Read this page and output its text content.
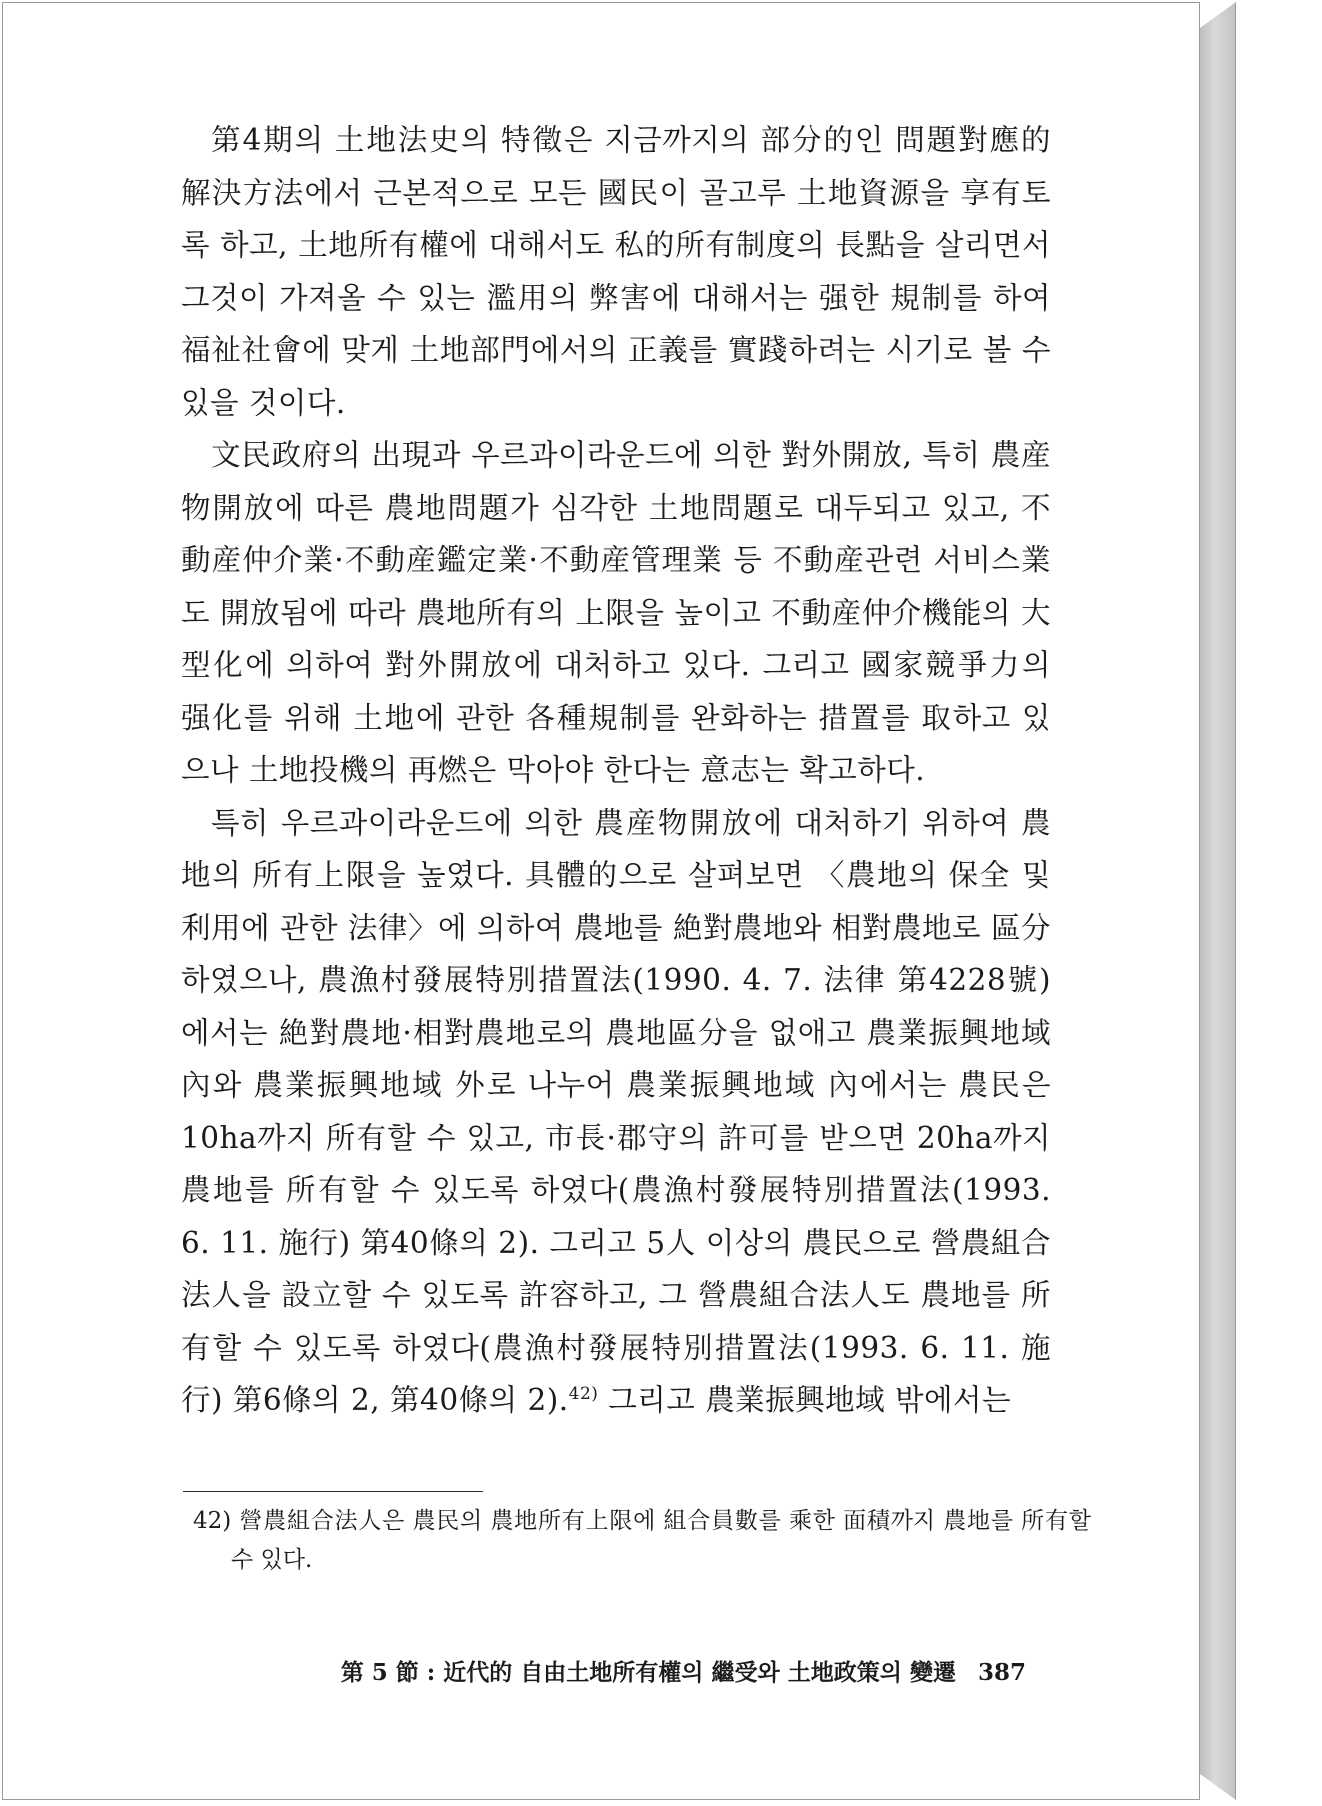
第4期의 土地法史의 特徵은 지금까지의 部分的인 問題對應的 解決方法에서 근본적으로 모든 國民이 골고루 土地資源을 享有토록 하고, 土地所有權에 대해서도 私的所有制度의 長點을 살리면서 그것이 가져올 수 있는 濫用의 弊害에 대해서는 强한 規制를 하여 福祉社會에 맞게 土地部門에서의 正義를 實踐하려는 시기로 볼 수 있을 것이다.

文民政府의 出現과 우르과이라운드에 의한 對外開放, 특히 農産物開放에 따른 農地問題가 심각한 土地問題로 대두되고 있고, 不動産仲介業·不動産鑑定業·不動産管理業 등 不動産관련 서비스業도 開放됨에 따라 農地所有의 上限을 높이고 不動産仲介機能의 大型化에 의하여 對外開放에 대처하고 있다. 그리고 國家競爭力의 强化를 위해 土地에 관한 各種規制를 완화하는 措置를 取하고 있으나 土地投機의 再燃은 막아야 한다는 意志는 확고하다.

특히 우르과이라운드에 의한 農産物開放에 대처하기 위하여 農地의 所有上限을 높였다. 具體的으로 살펴보면 〈農地의 保全 및 利用에 관한 法律〉에 의하여 農地를 絶對農地와 相對農地로 區分하였으나, 農漁村發展特別措置法(1990. 4. 7. 法律 第4228號)에서는 絶對農地·相對農地로의 農地區分을 없애고 農業振興地域 內와 農業振興地域 外로 나누어 農業振興地域 內에서는 農民은 10ha까지 所有할 수 있고, 市長·郡守의 許可를 받으면 20ha까지 農地를 所有할 수 있도록 하였다(農漁村發展特別措置法(1993. 6. 11. 施行) 第40條의 2). 그리고 5人 이상의 農民으로 營農組合法人을 設立할 수 있도록 許容하고, 그 營農組合法人도 農地를 所有할 수 있도록 하였다(農漁村發展特別措置法(1993. 6. 11. 施行) 第6條의 2, 第40條의 2).$^{42)}$ 그리고 農業振興地域 밖에서는

42) 營農組合法人은 農民의 農地所有上限에 組合員數를 乘한 面積까지 農地를 所有할 수 있다.
第 5 節 : 近代的 自由土地所有權의 繼受와 土地政策의 變遷 387
